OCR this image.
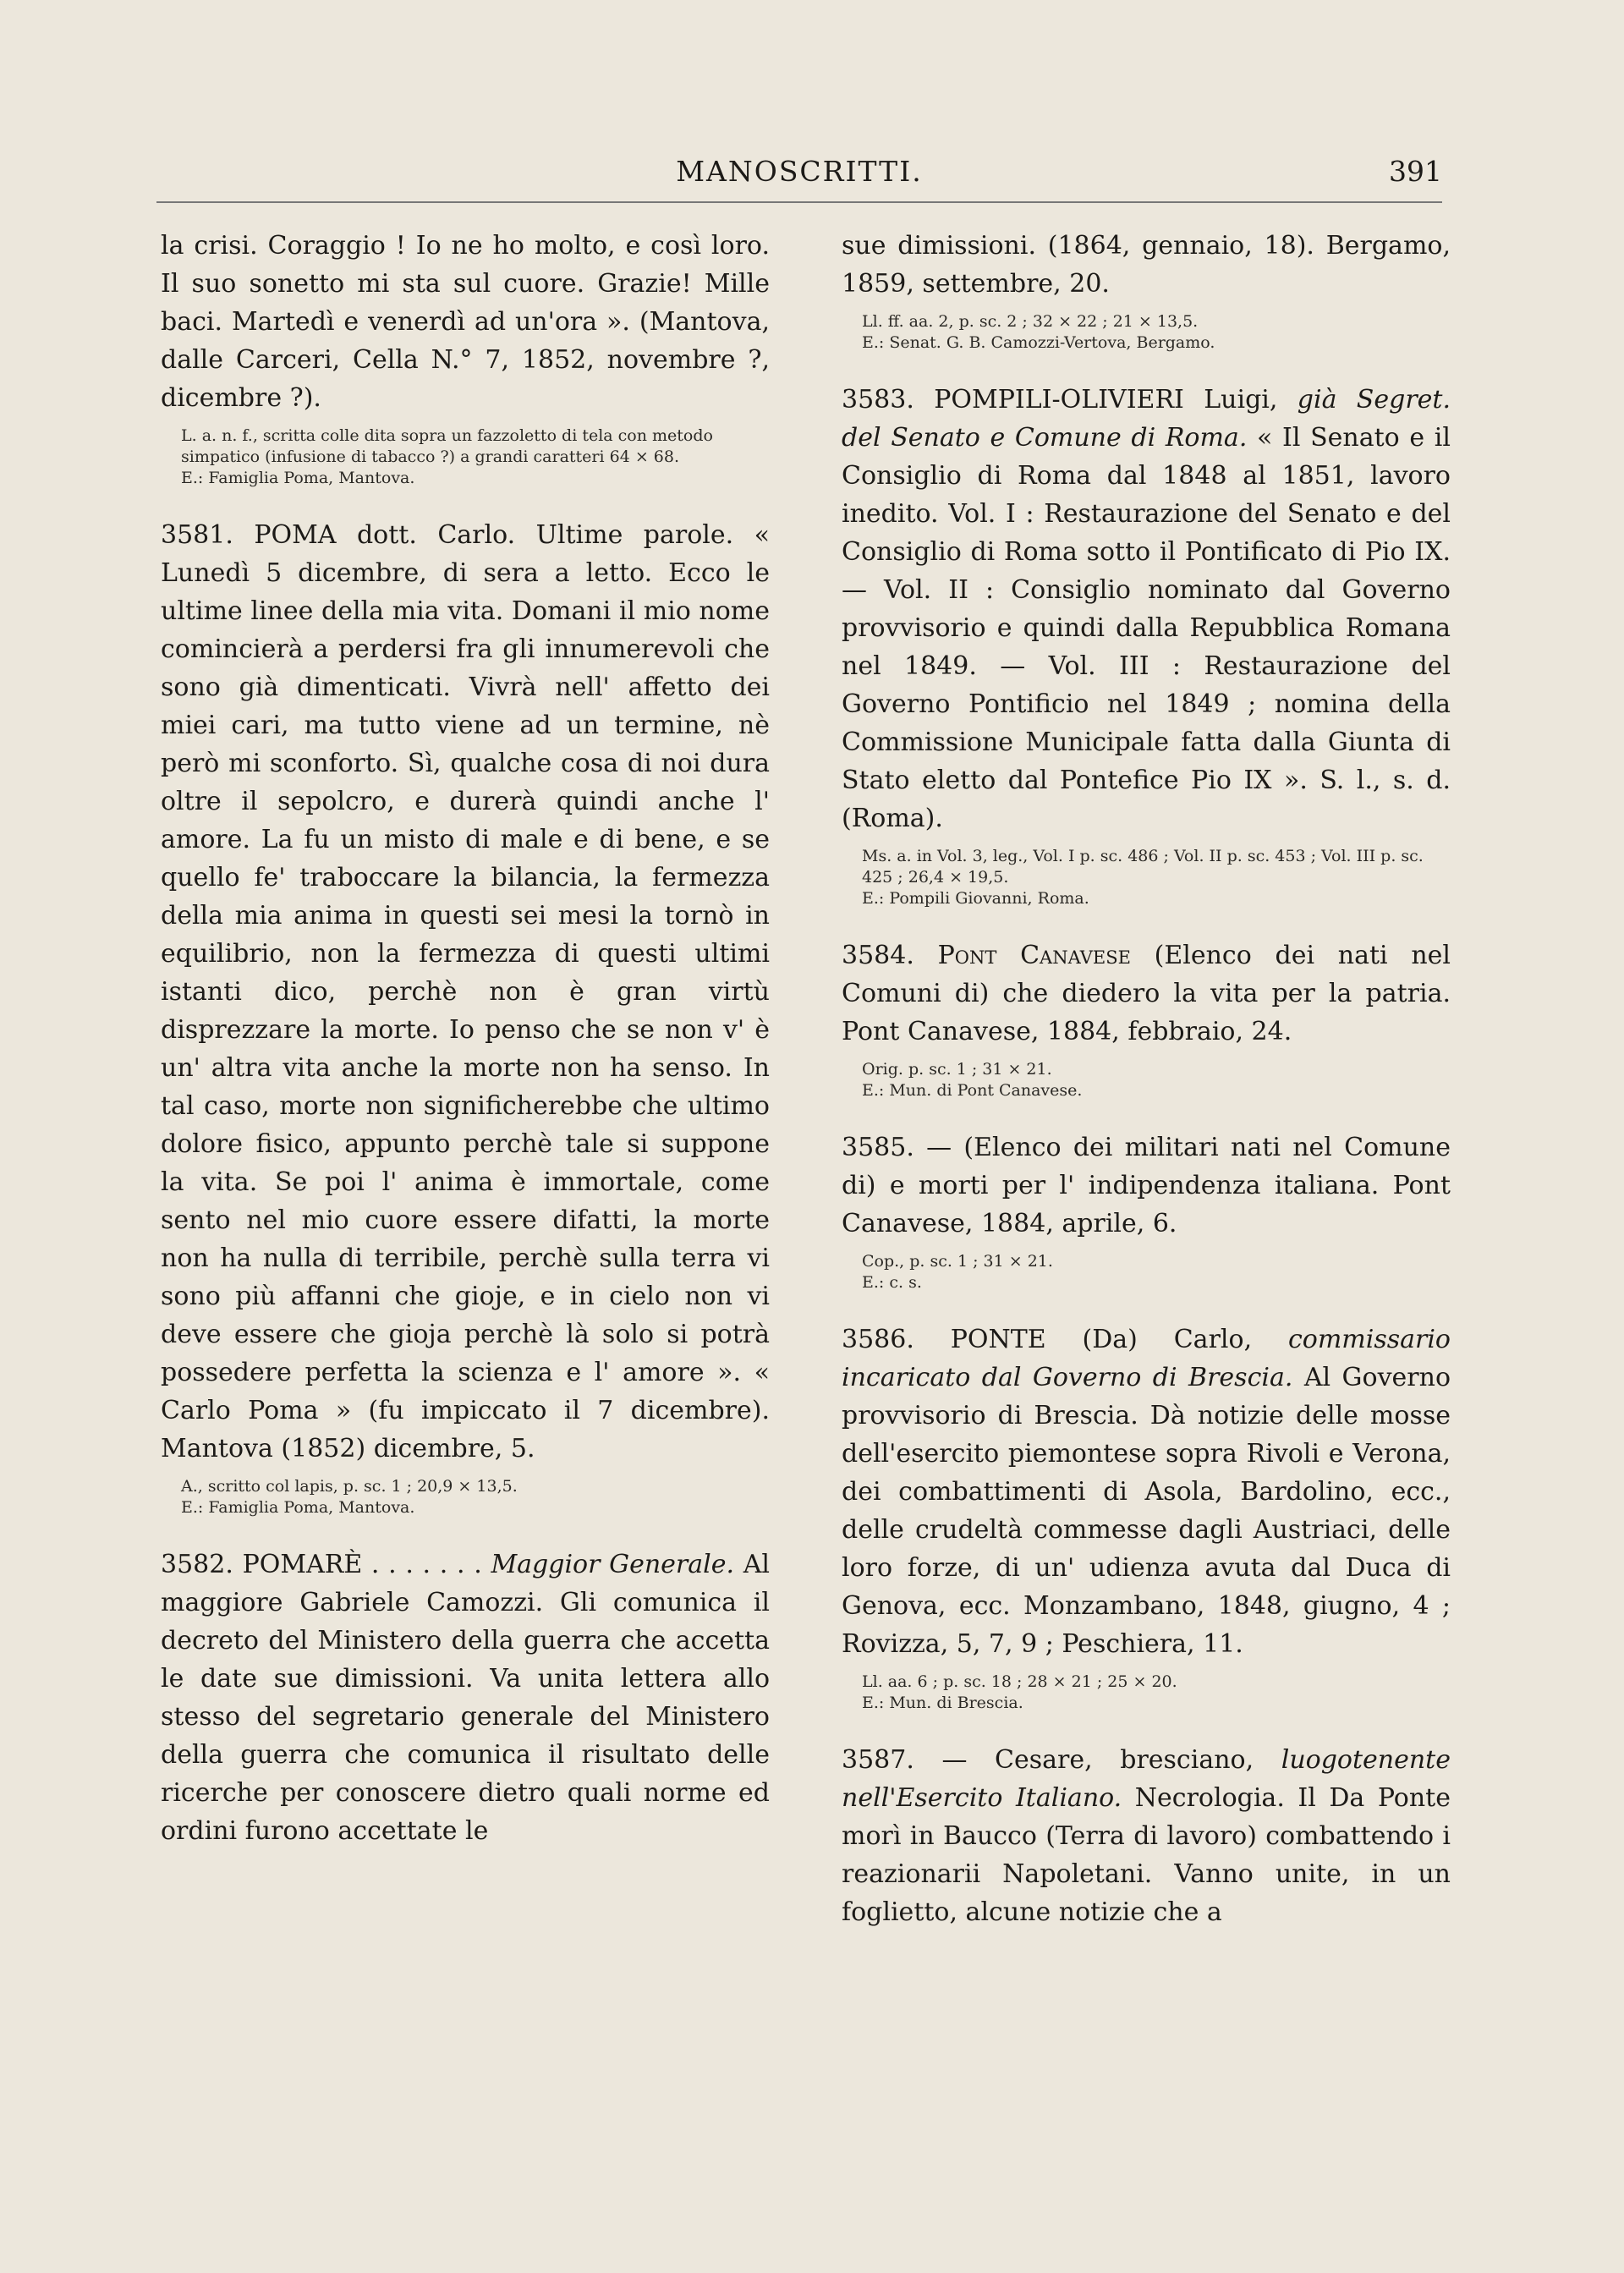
MANOSCRITTI.	391

la crisi. Coraggio ! Io ne ho molto, e così loro. Il suo sonetto mi sta sul cuore. Grazie! Mille baci. Martedì e venerdì ad un'ora ». (Mantova, dalle Carceri, Cella N.° 7, 1852, novembre ?, dicembre ?).

L. a. n. f., scritta colle dita sopra un fazzoletto di tela con metodo simpatico (infusione di tabacco ?) a grandi caratteri 64 × 68.

E.: Famiglia Poma, Mantova.

3581. POMA dott. Carlo. Ultime parole. « Lunedì 5 dicembre, di sera a letto. Ecco le ultime linee della mia vita. Domani il mio nome comincierà a perdersi fra gli innumerevoli che sono già dimenticati. Vivrà nell' affetto dei miei cari, ma tutto viene ad un termine, nè però mi sconforto. Sì, qualche cosa di noi dura oltre il sepolcro, e durerà quindi anche l' amore. La fu un misto di male e di bene, e se quello fe' traboccare la bilancia, la fermezza della mia anima in questi sei mesi la tornò in equilibrio, non la fermezza di questi ultimi istanti dico, perchè non è gran virtù disprezzare la morte. Io penso che se non v' è un' altra vita anche la morte non ha senso. In tal caso, morte non significherebbe che ultimo dolore fisico, appunto perchè tale si suppone la vita. Se poi l' anima è immortale, come sento nel mio cuore essere difatti, la morte non ha nulla di terribile, perchè sulla terra vi sono più affanni che gioje, e in cielo non vi deve essere che gioja perchè là solo si potrà possedere perfetta la scienza e l' amore ». « Carlo Poma » (fu impiccato il 7 dicembre). Mantova (1852) dicembre, 5.

A., scritto col lapis, p. sc. 1 ; 20,9 × 13,5.

E.: Famiglia Poma, Mantova.

3582. POMARÈ . . . . . . . Maggior Generale. Al maggiore Gabriele Camozzi. Gli comunica il decreto del Ministero della guerra che accetta le date sue dimissioni. Va unita lettera allo stesso del segretario generale del Ministero della guerra che comunica il risultato delle ricerche per conoscere dietro quali norme ed ordini furono accettate le

sue dimissioni. (1864, gennaio, 18). Bergamo, 1859, settembre, 20.

Ll. ff. aa. 2, p. sc. 2 ; 32 × 22 ; 21 × 13,5.

E.: Senat. G. B. Camozzi-Vertova, Bergamo.

3583. POMPILI-OLIVIERI Luigi, già Segret. del Senato e Comune di Roma. « Il Senato e il Consiglio di Roma dal 1848 al 1851, lavoro inedito. Vol. I : Restaurazione del Senato e del Consiglio di Roma sotto il Pontificato di Pio IX. — Vol. II : Consiglio nominato dal Governo provvisorio e quindi dalla Repubblica Romana nel 1849. — Vol. III : Restaurazione del Governo Pontificio nel 1849 ; nomina della Commissione Municipale fatta dalla Giunta di Stato eletto dal Pontefice Pio IX ». S. l., s. d. (Roma).

Ms. a. in Vol. 3, leg., Vol. I p. sc. 486 ; Vol. II p. sc. 453 ; Vol. III p. sc. 425 ; 26,4 × 19,5.

E.: Pompili Giovanni, Roma.

3584. Pont Canavese (Elenco dei nati nel Comuni di) che diedero la vita per la patria. Pont Canavese, 1884, febbraio, 24.

Orig. p. sc. 1 ; 31 × 21.

E.: Mun. di Pont Canavese.

3585. — (Elenco dei militari nati nel Comune di) e morti per l' indipendenza italiana. Pont Canavese, 1884, aprile, 6.

Cop., p. sc. 1 ; 31 × 21.

E.: c. s.

3586. PONTE (Da) Carlo, commissario incaricato dal Governo di Brescia. Al Governo provvisorio di Brescia. Dà notizie delle mosse dell'esercito piemontese sopra Rivoli e Verona, dei combattimenti di Asola, Bardolino, ecc., delle crudeltà commesse dagli Austriaci, delle loro forze, di un' udienza avuta dal Duca di Genova, ecc. Monzambano, 1848, giugno, 4 ; Rovizza, 5, 7, 9 ; Peschiera, 11.

Ll. aa. 6 ; p. sc. 18 ; 28 × 21 ; 25 × 20.

E.: Mun. di Brescia.

3587. — Cesare, bresciano, luogotenente nell'Esercito Italiano. Necrologia. Il Da Ponte morì in Baucco (Terra di lavoro) combattendo i reazionarii Napoletani. Vanno unite, in un foglietto, alcune notizie che a
